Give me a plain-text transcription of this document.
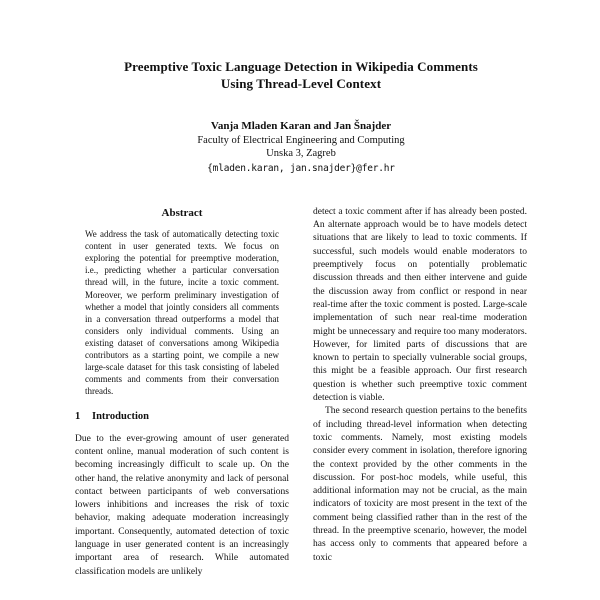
Preemptive Toxic Language Detection in Wikipedia Comments
Using Thread-Level Context
Vanja Mladen Karan and Jan Šnajder
Faculty of Electrical Engineering and Computing
Unska 3, Zagreb
{mladen.karan, jan.snajder}@fer.hr
Abstract

We address the task of automatically detecting toxic content in user generated texts. We focus on exploring the potential for preemptive moderation, i.e., predicting whether a particular conversation thread will, in the future, incite a toxic comment. Moreover, we perform preliminary investigation of whether a model that jointly considers all comments in a conversation thread outperforms a model that considers only individual comments. Using an existing dataset of conversations among Wikipedia contributors as a starting point, we compile a new large-scale dataset for this task consisting of labeled comments and comments from their conversation threads.

1 Introduction

Due to the ever-growing amount of user generated content online, manual moderation of such content is becoming increasingly difficult to scale up. On the other hand, the relative anonymity and lack of personal contact between participants of web conversations lowers inhibitions and increases the risk of toxic behavior, making adequate moderation increasingly important. Consequently, automated detection of toxic language in user generated content is an increasingly important area of research. While automated classification models are unlikely

detect a toxic comment after if has already been posted. An alternate approach would be to have models detect situations that are likely to lead to toxic comments. If successful, such models would enable moderators to preemptively focus on potentially problematic discussion threads and then either intervene and guide the discussion away from conflict or respond in near real-time after the toxic comment is posted. Large-scale implementation of such near real-time moderation might be unnecessary and require too many moderators. However, for limited parts of discussions that are known to pertain to specially vulnerable social groups, this might be a feasible approach. Our first research question is whether such preemptive toxic comment detection is viable.

The second research question pertains to the benefits of including thread-level information when detecting toxic comments. Namely, most existing models consider every comment in isolation, therefore ignoring the context provided by the other comments in the discussion. For post-hoc models, while useful, this additional information may not be crucial, as the main indicators of toxicity are most present in the text of the comment being classified rather than in the rest of the thread. In the preemptive scenario, however, the model has access only to comments that appeared before a toxic
